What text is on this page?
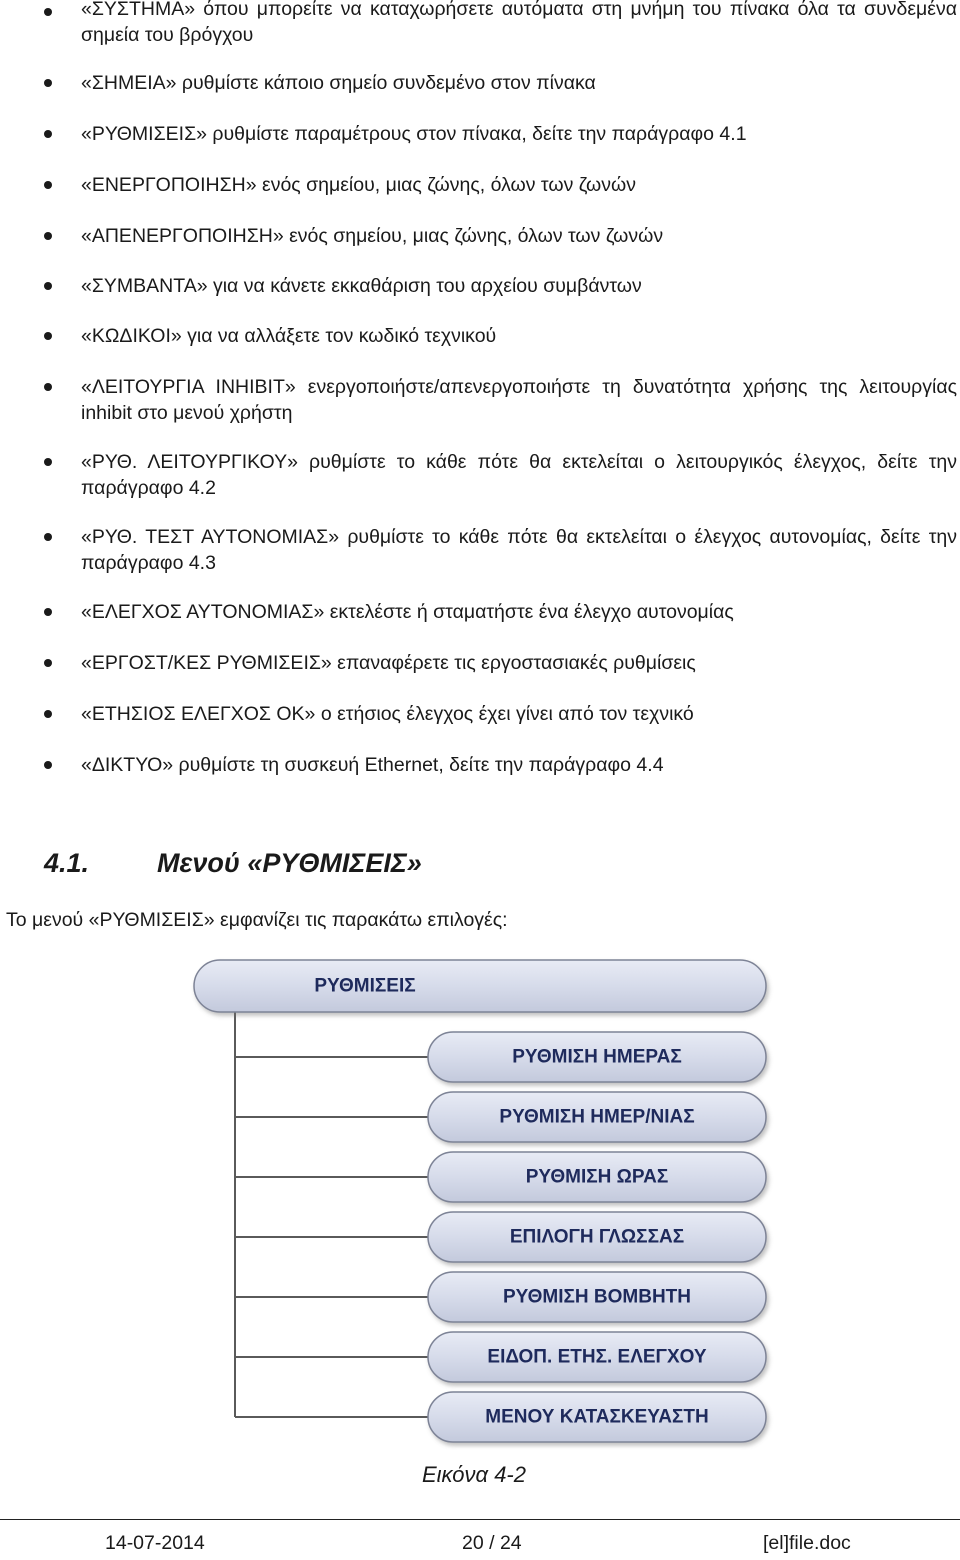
«ΣΥΣΤΗΜΑ» όπου μπορείτε να καταχωρήσετε αυτόματα στη μνήμη του πίνακα όλα τα συνδεμένα σημεία του βρόγχου
«ΣΗΜΕΙΑ» ρυθμίστε κάποιο σημείο συνδεμένο στον πίνακα
«ΡΥΘΜΙΣΕΙΣ» ρυθμίστε παραμέτρους στον πίνακα, δείτε την παράγραφο 4.1
«ΕΝΕΡΓΟΠΟΙΗΣΗ» ενός σημείου, μιας ζώνης, όλων των ζωνών
«ΑΠΕΝΕΡΓΟΠΟΙΗΣΗ» ενός σημείου, μιας ζώνης, όλων των ζωνών
«ΣΥΜΒΑΝΤΑ» για να κάνετε εκκαθάριση του αρχείου συμβάντων
«ΚΩΔΙΚΟΙ» για να αλλάξετε τον κωδικό τεχνικού
«ΛΕΙΤΟΥΡΓΙΑ INHIBIT» ενεργοποιήστε/απενεργοποιήστε τη δυνατότητα χρήσης της λειτουργίας inhibit στο μενού χρήστη
«ΡΥΘ. ΛΕΙΤΟΥΡΓΙΚΟΥ» ρυθμίστε το κάθε πότε θα εκτελείται ο λειτουργικός έλεγχος, δείτε την παράγραφο 4.2
«ΡΥΘ. ΤΕΣΤ ΑΥΤΟΝΟΜΙΑΣ» ρυθμίστε το κάθε πότε θα εκτελείται ο έλεγχος αυτονομίας, δείτε την παράγραφο 4.3
«ΕΛΕΓΧΟΣ ΑΥΤΟΝΟΜΙΑΣ» εκτελέστε ή σταματήστε ένα έλεγχο αυτονομίας
«ΕΡΓΟΣΤ/ΚΕΣ ΡΥΘΜΙΣΕΙΣ» επαναφέρετε τις εργοστασιακές ρυθμίσεις
«ΕΤΗΣΙΟΣ ΕΛΕΓΧΟΣ OK» ο ετήσιος έλεγχος έχει γίνει από τον τεχνικό
«ΔΙΚΤΥΟ» ρυθμίστε τη συσκευή Ethernet, δείτε την παράγραφο 4.4
4.1.	Μενού «ΡΥΘΜΙΣΕΙΣ»

Το μενού «ΡΥΘΜΙΣΕΙΣ» εμφανίζει τις παρακάτω επιλογές:

ΡΥΘΜΙΣΕΙΣ
ΡΥΘΜΙΣΗ ΗΜΕΡΑΣ
ΡΥΘΜΙΣΗ ΗΜΕΡ/ΝΙΑΣ
ΡΥΘΜΙΣΗ ΩΡΑΣ
ΕΠΙΛΟΓΗ ΓΛΩΣΣΑΣ
ΡΥΘΜΙΣΗ ΒΟΜΒΗΤΗ
ΕΙΔΟΠ. ΕΤΗΣ. ΕΛΕΓΧΟΥ
ΜΕΝΟΥ ΚΑΤΑΣΚΕΥΑΣΤΗ

Εικόνα 4-2

14-07-2014	20 / 24	[el]file.doc
